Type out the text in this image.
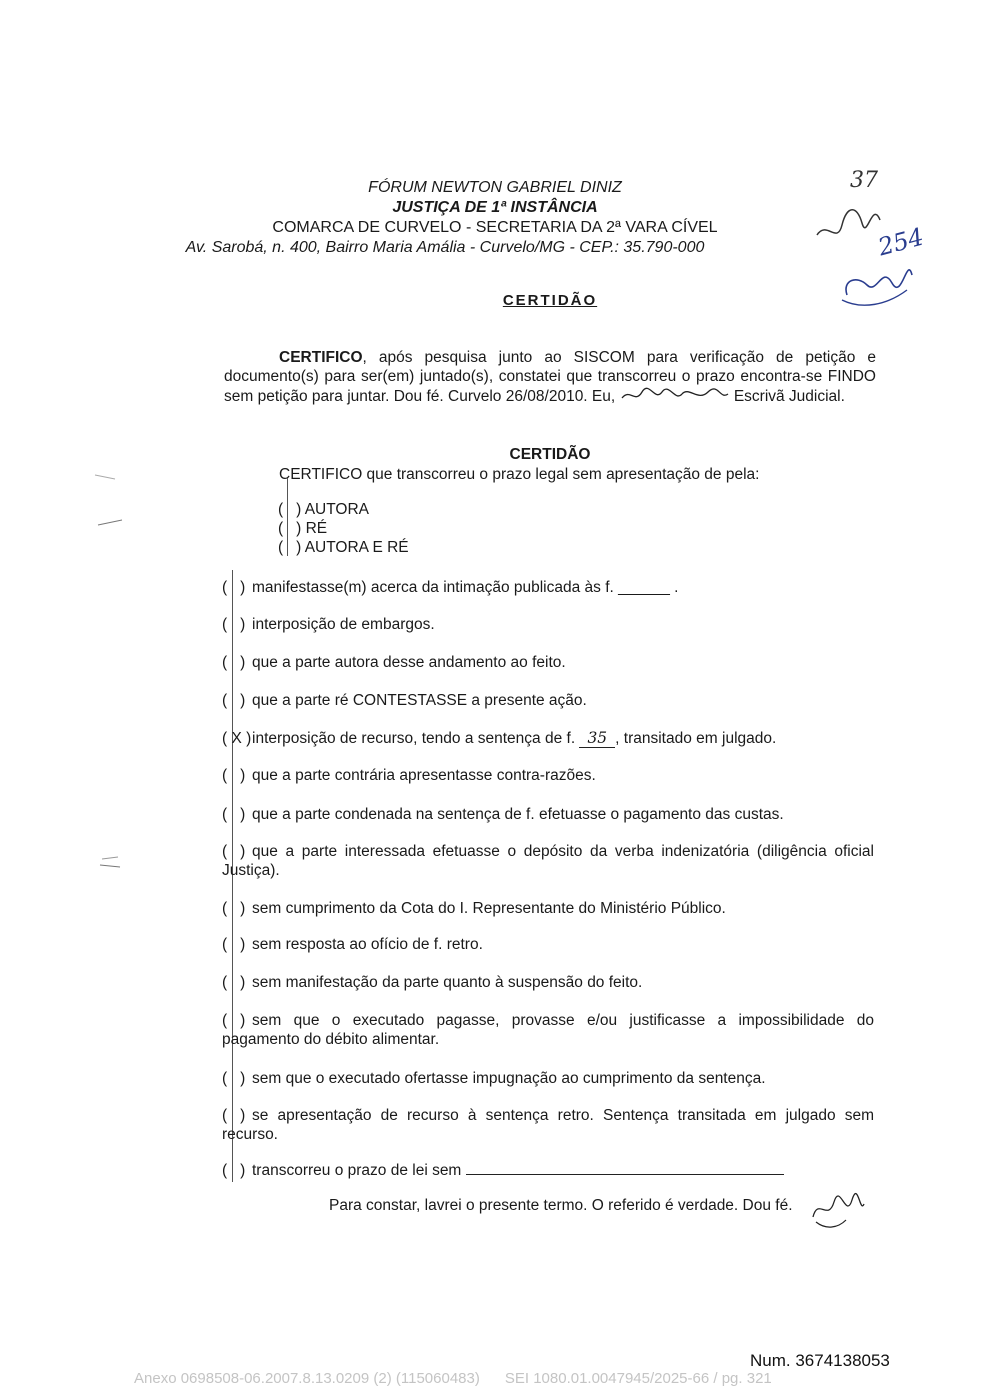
FÓRUM NEWTON GABRIEL DINIZ
JUSTIÇA DE 1ª INSTÂNCIA
COMARCA DE CURVELO - SECRETARIA DA 2ª VARA CÍVEL
Av. Sarobá, n. 400, Bairro Maria Amália - Curvelo/MG - CEP.: 35.790-000
37
254
CERTIDÃO
CERTIFICO, após pesquisa junto ao SISCOM para verificação de petição e documento(s) para ser(em) juntado(s), constatei que transcorreu o prazo encontra-se FINDO sem petição para juntar. Dou fé. Curvelo 26/08/2010. Eu,	Escrivã Judicial.
CERTIDÃO
CERTIFICO que transcorreu o prazo legal sem apresentação de pela:
(   ) AUTORA
(   ) RÉ
(   ) AUTORA E RÉ
(   ) manifestasse(m) acerca da intimação publicada às f. ______ .
(   ) interposição de embargos.
(   ) que a parte autora desse andamento ao feito.
(   ) que a parte ré CONTESTASSE a presente ação.
( X )interposição de recurso, tendo a sentença de f. 35 , transitado em julgado.
(   ) que a parte contrária apresentasse contra-razões.
(   ) que a parte condenada na sentença de f. efetuasse o pagamento das custas.
(   ) que a parte interessada efetuasse o depósito da verba indenizatória (diligência oficial Justiça).
(   ) sem cumprimento da Cota do I. Representante do Ministério Público.
(   ) sem resposta ao ofício de f. retro.
(   ) sem manifestação da parte quanto à suspensão do feito.
(   ) sem que o executado pagasse, provasse e/ou justificasse a impossibilidade do pagamento do débito alimentar.
(   ) sem que o executado ofertasse impugnação ao cumprimento da sentença.
(   ) se apresentação de recurso à sentença retro. Sentença transitada em julgado sem recurso.
(   ) transcorreu o prazo de lei sem
Para constar, lavrei o presente termo. O referido é verdade. Dou fé.
Num. 3674138053
Anexo 0698508-06.2007.8.13.0209 (2) (115060483) SEI 1080.01.0047945/2025-66 / pg. 321
